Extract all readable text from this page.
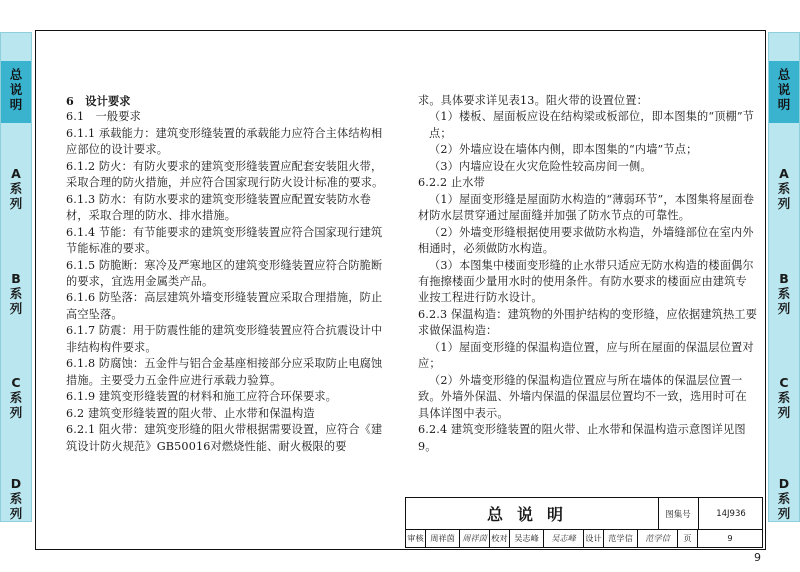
总
说
明
A
系
列
B
系
列
C
系
列
D
系
列
总
说
明
A
系
列
B
系
列
C
系
列
D
系
列

6　设计要求

6.1　一般要求

6.1.1 承载能力：建筑变形缝装置的承载能力应符合主体结构相应部位的设计要求。

6.1.2 防火：有防火要求的建筑变形缝装置应配套安装阻火带，采取合理的防火措施，并应符合国家现行防火设计标准的要求。

6.1.3 防水：有防水要求的建筑变形缝装置应配置安装防水卷材，采取合理的防水、排水措施。

6.1.4 节能：有节能要求的建筑变形缝装置应符合国家现行建筑节能标准的要求。

6.1.5 防脆断：寒冷及严寒地区的建筑变形缝装置应符合防脆断的要求，宜选用金属类产品。

6.1.6 防坠落：高层建筑外墙变形缝装置应采取合理措施，防止高空坠落。

6.1.7 防震：用于防震性能的建筑变形缝装置应符合抗震设计中非结构构件要求。

6.1.8 防腐蚀：五金件与铝合金基座相接部分应采取防止电腐蚀措施。主要受力五金件应进行承载力验算。

6.1.9 建筑变形缝装置的材料和施工应符合环保要求。

6.2 建筑变形缝装置的阻火带、止水带和保温构造

6.2.1 阻火带：建筑变形缝的阻火带根据需要设置，应符合《建筑设计防火规范》GB50016对燃烧性能、耐火极限的要

求。具体要求详见表13。阻火带的设置位置：

（1）楼板、屋面板应设在结构梁或板部位，即本图集的“顶棚”节点；

（2）外墙应设在墙体内侧，即本图集的“内墙”节点；

（3）内墙应设在火灾危险性较高房间一侧。

6.2.2 止水带

（1）屋面变形缝是屋面防水构造的“薄弱环节”，本图集将屋面卷材防水层贯穿通过屋面缝并加强了防水节点的可靠性。

（2）外墙变形缝根据使用要求做防水构造，外墙缝部位在室内外相通时，必须做防水构造。

（3）本图集中楼面变形缝的止水带只适应无防水构造的楼面偶尔有拖擦楼面少量用水时的使用条件。有防水要求的楼面应由建筑专业按工程进行防水设计。

6.2.3 保温构造：建筑物的外围护结构的变形缝，应依据建筑热工要求做保温构造：

（1）屋面变形缝的保温构造位置，应与所在屋面的保温层位置对应；

（2）外墙变形缝的保温构造位置应与所在墙体的保温层位置一致。外墙外保温、外墙内保温的保温层位置均不一致，选用时可在具体详图中表示。

6.2.4 建筑变形缝装置的阻火带、止水带和保温构造示意图详见图9。

总说明	图集号	14J936
审核 周祥茵 周祥茵 校对 吴志峰	吴志峰	设计 范学信	范学信	页	9
9
